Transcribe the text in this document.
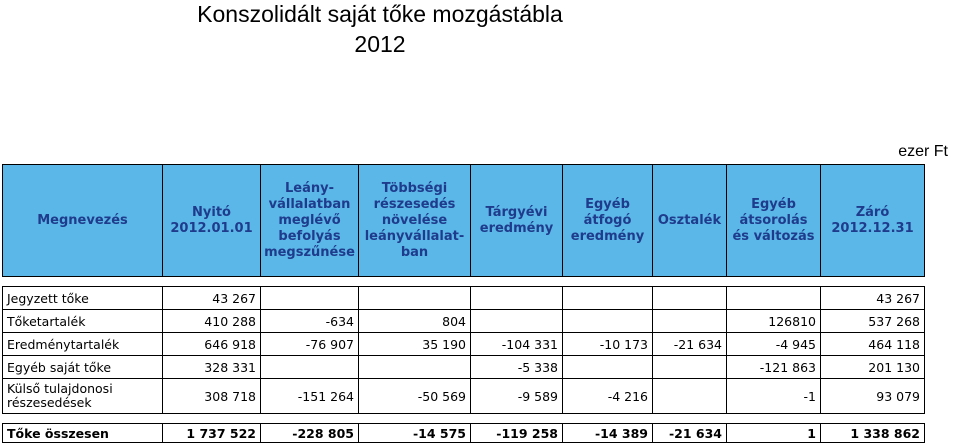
Konszolidált saját tőke mozgástábla
2012
ezer Ft
Megnevezés	Nyitó 2012.01.01	Leány-vállalatban meglévő befolyás megszűnése	Többségi részesedés növelése leányvállalat-ban	Tárgyévi eredmény	Egyéb átfogó eredmény	Osztalék	Egyéb átsorolás és változás	Záró 2012.12.31

Jegyzett tőke	43 267							43 267
Tőketartalék	410 288	-634	804				126810	537 268
Eredménytartalék	646 918	-76 907	35 190	-104 331	-10 173	-21 634	-4 945	464 118
Egyéb saját tőke	328 331			-5 338			-121 863	201 130
Külső tulajdonosi részesedések	308 718	-151 264	-50 569	-9 589	-4 216		-1	93 079

Tőke összesen	1 737 522	-228 805	-14 575	-119 258	-14 389	-21 634	1	1 338 862
